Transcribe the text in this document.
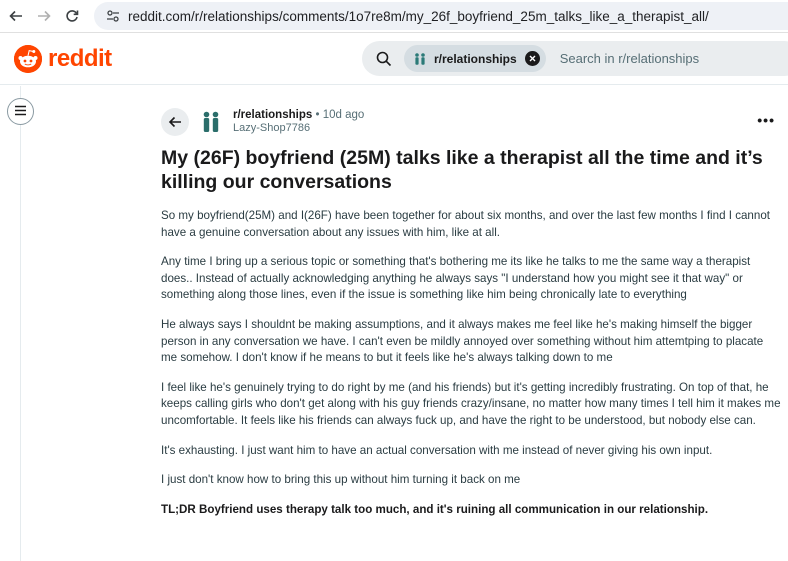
reddit.com/r/relationships/comments/1o7re8m/my_26f_boyfriend_25m_talks_like_a_therapist_all/
reddit	r/relationships	Search in r/relationships
r/relationships • 10d ago
Lazy-Shop7786	•••
My (26F) boyfriend (25M) talks like a therapist all the time and it’s killing our conversations

So my boyfriend(25M) and I(26F) have been together for about six months, and over the last few months I find I cannot have a genuine conversation about any issues with him, like at all.

Any time I bring up a serious topic or something that's bothering me its like he talks to me the same way a therapist does.. Instead of actually acknowledging anything he always says "I understand how you might see it that way" or something along those lines, even if the issue is something like him being chronically late to everything

He always says I shouldnt be making assumptions, and it always makes me feel like he's making himself the bigger person in any conversation we have. I can't even be mildly annoyed over something without him attemtping to placate me somehow. I don't know if he means to but it feels like he's always talking down to me

I feel like he's genuinely trying to do right by me (and his friends) but it's getting incredibly frustrating. On top of that, he keeps calling girls who don't get along with his guy friends crazy/insane, no matter how many times I tell him it makes me uncomfortable. It feels like his friends can always fuck up, and have the right to be understood, but nobody else can.

It's exhausting. I just want him to have an actual conversation with me instead of never giving his own input.

I just don't know how to bring this up without him turning it back on me

TL;DR Boyfriend uses therapy talk too much, and it's ruining all communication in our relationship.
